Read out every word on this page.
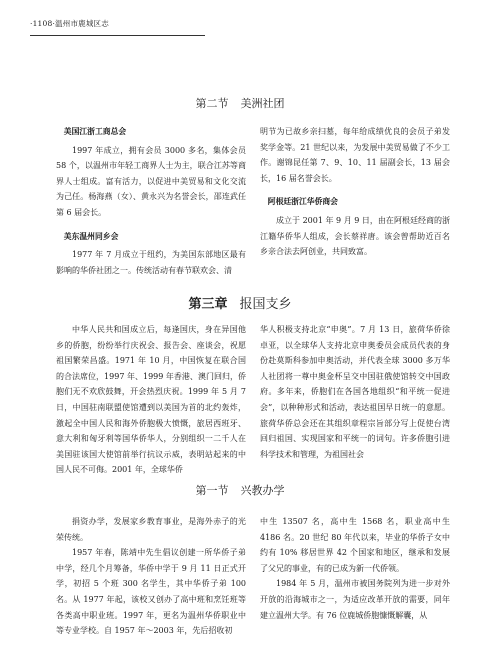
·1108·温州市鹿城区志
第二节 美洲社团
美国江浙工商总会

1997 年成立，拥有会员 3000 多名，集体会员 58 个，以温州市年轻工商界人士为主，联合江苏等商界人士组成。富有活力，以促进中美贸易和文化交流为己任。杨海燕（女）、黄永兴为名誉会长，邵连武任第 6 届会长。

美东温州同乡会

1977 年 7 月成立于纽约，为美国东部地区最有影响的华侨社团之一。传统活动有春节联欢会、清

明节为已故乡亲扫墓，每年给成绩优良的会员子弟发奖学金等。21 世纪以来，为发展中美贸易做了不少工作。谢锦昆任第 7、9、10、11 届副会长，13 届会长，16 届名誉会长。

阿根廷浙江华侨商会

成立于 2001 年 9 月 9 日，由在阿根廷经商的浙江籍华侨华人组成，会长蔡祥唐。该会曾帮助近百名乡亲合法去阿创业，共同致富。

第三章 报国支乡

中华人民共和国成立后，每逢国庆，身在异国他乡的侨胞，纷纷举行庆祝会、报告会、座谈会，祝愿祖国繁荣昌盛。1971 年 10 月，中国恢复在联合国的合法席位，1997 年、1999 年香港、澳门回归，侨胞们无不欢欣鼓舞，开会热烈庆祝。1999 年 5 月 7 日，中国驻南联盟使馆遭到以美国为首的北约轰炸，激起全中国人民和海外侨胞极大愤慨，旅居西班牙、意大利和匈牙利等国华侨华人，分别组织一二千人在美国驻该国大使馆前举行抗议示威，表明站起来的中国人民不可侮。2001 年，全球华侨

华人积极支持北京“申奥”。7 月 13 日，旅荷华侨徐卓亚，以全球华人支持北京申奥委员会成员代表的身份赴莫斯科参加申奥活动，并代表全球 3000 多万华人社团将一尊中奥金杯呈交中国驻俄使馆转交中国政府。多年来，侨胞们在各国各地组织“和平统一促进会”，以种种形式和活动，表达祖国早日统一的意愿。旅荷华侨总会还在其组织章程宗旨部分写上促使台湾回归祖国、实现国家和平统一的词句。许多侨胞引进科学技术和管理，为祖国社会

第一节 兴教办学

捐资办学，发展家乡教育事业，是海外赤子的光荣传统。

1957 年春，陈靖中先生倡议创建一所华侨子弟中学，经几个月筹备，华侨中学于 9 月 11 日正式开学，初招 5 个班 300 名学生，其中华侨子弟 100 名。从 1977 年起，该校又创办了高中班和烹饪班等各类高中职业班。1997 年，更名为温州华侨职业中等专业学校。自 1957 年～2003 年，先后招收初

中生 13507 名，高中生 1568 名，职业高中生 4186 名。20 世纪 80 年代以来，毕业的华侨子女中约有 10% 移居世界 42 个国家和地区，继承和发展了父兄的事业，有的已成为新一代侨领。

1984 年 5 月，温州市被国务院列为进一步对外开放的沿海城市之一，为适应改革开放的需要，同年建立温州大学。有 76 位鹿城侨胞慷慨解囊，从
